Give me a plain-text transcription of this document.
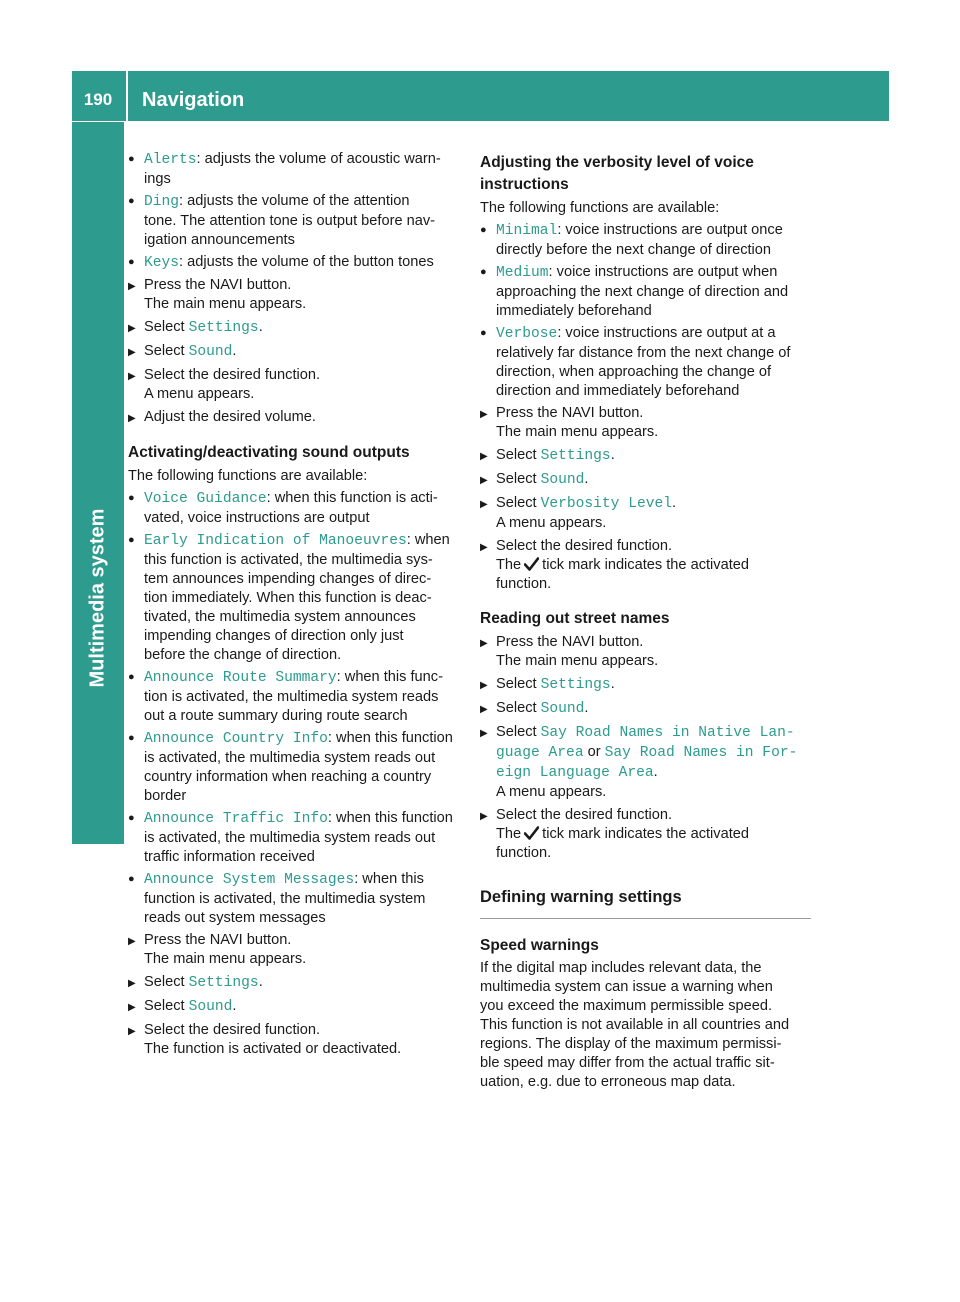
190	Navigation
Multimedia system
● Alerts: adjusts the volume of acoustic warn-
ings
● Ding: adjusts the volume of the attention
tone. The attention tone is output before nav-
igation announcements
● Keys: adjusts the volume of the button tones
▶ Press the NAVI button.
The main menu appears.
▶ Select Settings.
▶ Select Sound.
▶ Select the desired function.
A menu appears.
▶ Adjust the desired volume.
Activating/deactivating sound outputs

The following functions are available:

● Voice Guidance: when this function is acti-
vated, voice instructions are output
● Early Indication of Manoeuvres: when
this function is activated, the multimedia sys-
tem announces impending changes of direc-
tion immediately. When this function is deac-
tivated, the multimedia system announces
impending changes of direction only just
before the change of direction.
● Announce Route Summary: when this func-
tion is activated, the multimedia system reads
out a route summary during route search
● Announce Country Info: when this function
is activated, the multimedia system reads out
country information when reaching a country
border
● Announce Traffic Info: when this function
is activated, the multimedia system reads out
traffic information received
● Announce System Messages: when this
function is activated, the multimedia system
reads out system messages
▶ Press the NAVI button.
The main menu appears.
▶ Select Settings.
▶ Select Sound.
▶ Select the desired function.
The function is activated or deactivated.
Adjusting the verbosity level of voice
instructions

The following functions are available:

● Minimal: voice instructions are output once
directly before the next change of direction
● Medium: voice instructions are output when
approaching the next change of direction and
immediately beforehand
● Verbose: voice instructions are output at a
relatively far distance from the next change of
direction, when approaching the change of
direction and immediately beforehand
▶ Press the NAVI button.
The main menu appears.
▶ Select Settings.
▶ Select Sound.
▶ Select Verbosity Level.
A menu appears.
▶ Select the desired function.
The tick mark indicates the activated
function.
Reading out street names
▶ Press the NAVI button.
The main menu appears.
▶ Select Settings.
▶ Select Sound.
▶ Select Say Road Names in Native Lan‐
guage Area or Say Road Names in For‐
eign Language Area.
A menu appears.
▶ Select the desired function.
The tick mark indicates the activated
function.
Defining warning settings
Speed warnings

If the digital map includes relevant data, the
multimedia system can issue a warning when
you exceed the maximum permissible speed.
This function is not available in all countries and
regions. The display of the maximum permissi-
ble speed may differ from the actual traffic sit-
uation, e.g. due to erroneous map data.
